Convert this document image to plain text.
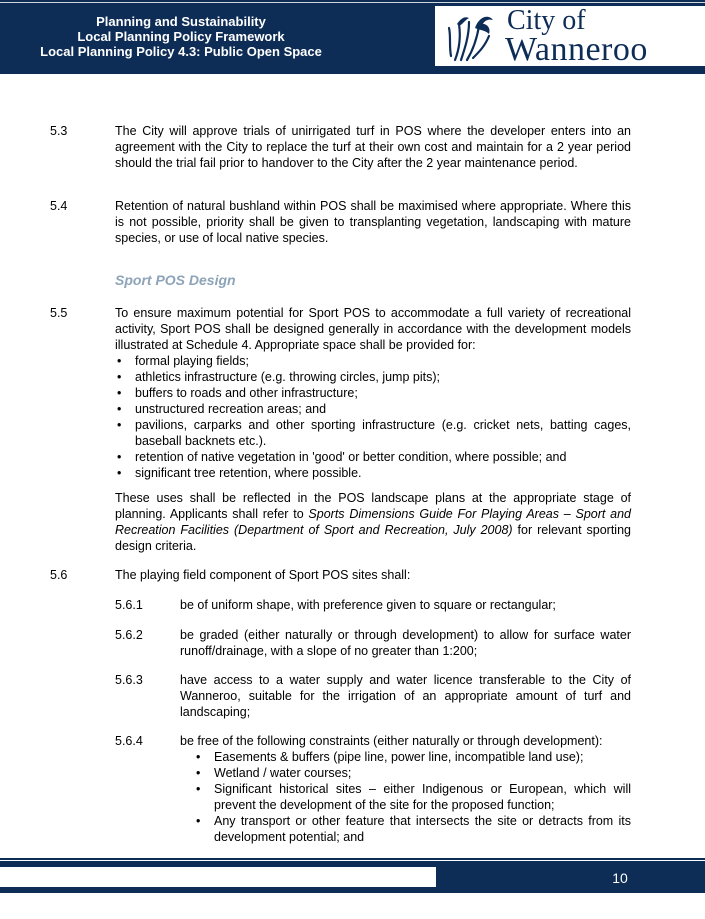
Planning and Sustainability
Local Planning Policy Framework
Local Planning Policy 4.3: Public Open Space
City of
Wanneroo
5.3	The City will approve trials of unirrigated turf in POS where the developer enters into an agreement with the City to replace the turf at their own cost and maintain for a 2 year period should the trial fail prior to handover to the City after the 2 year maintenance period.
5.4	Retention of natural bushland within POS shall be maximised where appropriate. Where this is not possible, priority shall be given to transplanting vegetation, landscaping with mature species, or use of local native species.
Sport POS Design
5.5	To ensure maximum potential for Sport POS to accommodate a full variety of recreational activity, Sport POS shall be designed generally in accordance with the development models illustrated at Schedule 4. Appropriate space shall be provided for:
• formal playing fields;
• athletics infrastructure (e.g. throwing circles, jump pits);
• buffers to roads and other infrastructure;
• unstructured recreation areas; and
• pavilions, carparks and other sporting infrastructure (e.g. cricket nets, batting cages, baseball backnets etc.).
• retention of native vegetation in 'good' or better condition, where possible; and
• significant tree retention, where possible.
These uses shall be reflected in the POS landscape plans at the appropriate stage of planning. Applicants shall refer to Sports Dimensions Guide For Playing Areas – Sport and Recreation Facilities (Department of Sport and Recreation, July 2008) for relevant sporting design criteria.
5.6	The playing field component of Sport POS sites shall:
5.6.1	be of uniform shape, with preference given to square or rectangular;
5.6.2	be graded (either naturally or through development) to allow for surface water runoff/drainage, with a slope of no greater than 1:200;
5.6.3	have access to a water supply and water licence transferable to the City of Wanneroo, suitable for the irrigation of an appropriate amount of turf and landscaping;
5.6.4	be free of the following constraints (either naturally or through development):
• Easements & buffers (pipe line, power line, incompatible land use);
• Wetland / water courses;
• Significant historical sites – either Indigenous or European, which will prevent the development of the site for the proposed function;
• Any transport or other feature that intersects the site or detracts from its development potential; and
10
